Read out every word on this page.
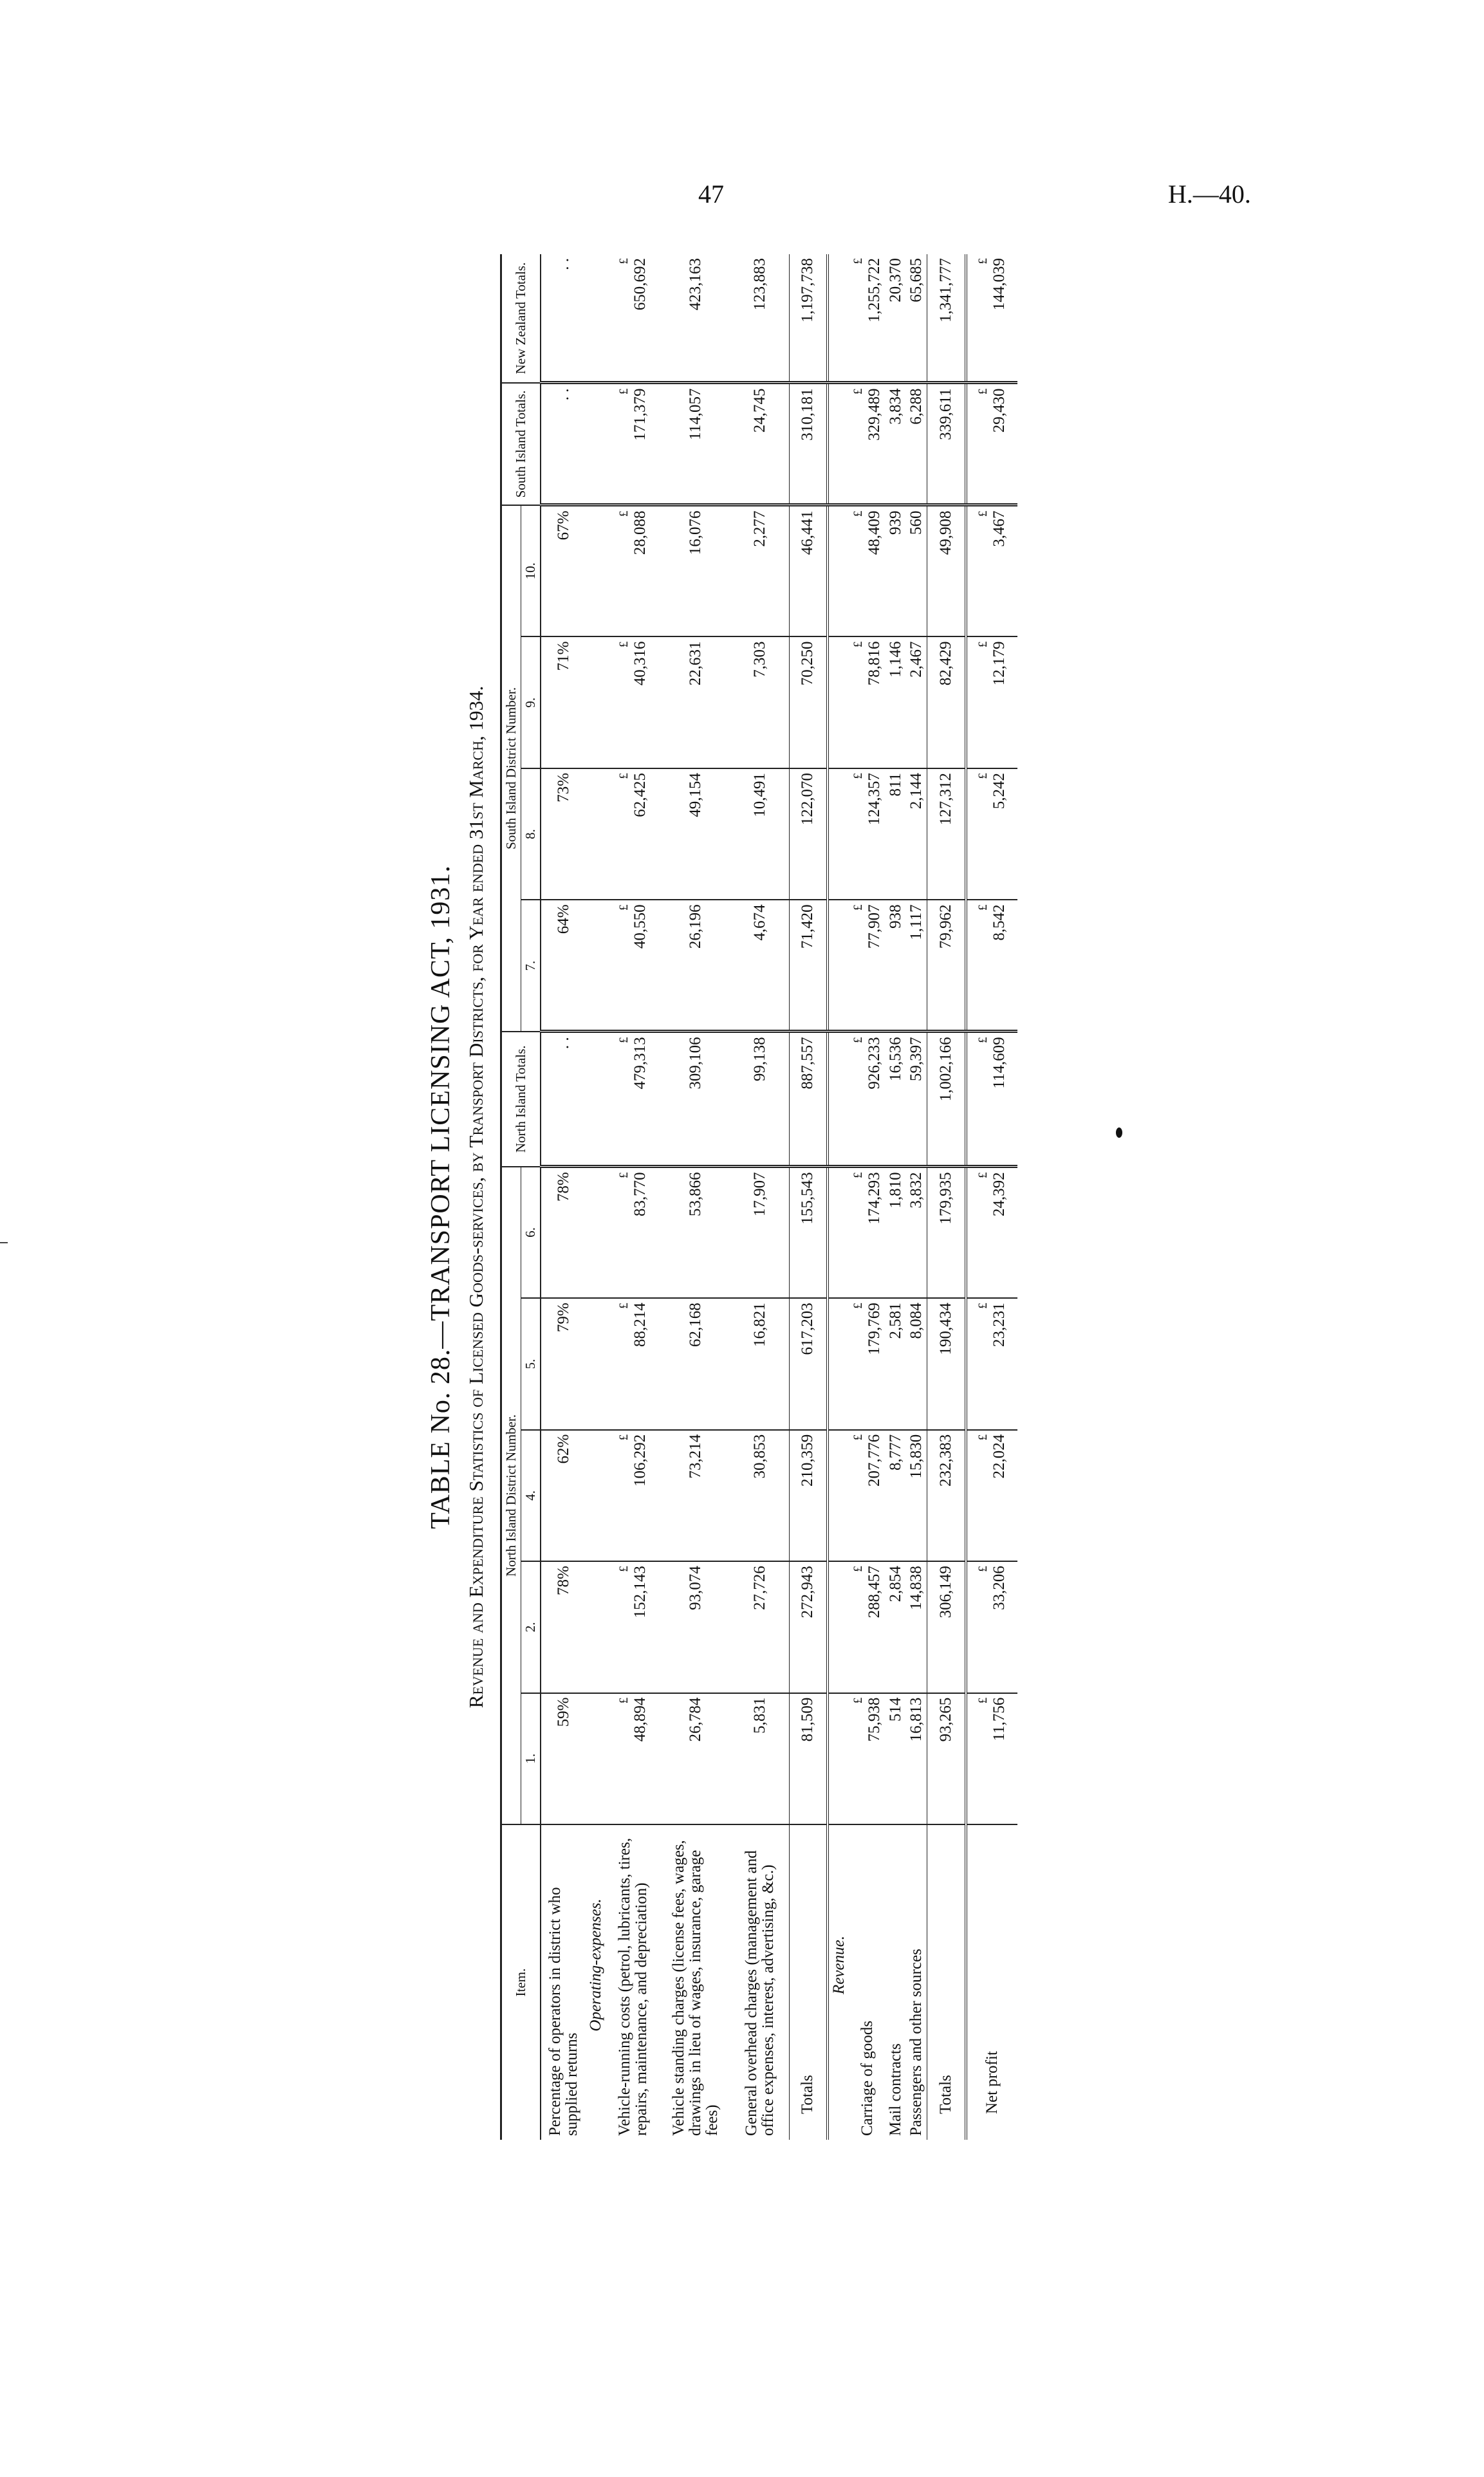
47	H.—40.
TABLE No. 28.—TRANSPORT LICENSING ACT, 1931. Revenue and Expenditure Statistics of Licensed Goods-services, by Transport Districts, for Year ended 31st March, 1934.
Item.	North Island District Number.					North Island Totals.	South Island District Number.				South Island Totals.	New Zealand Totals.
	1.	2.	4.	5.	6.		7.	8.	9.	10.		
Percentage of operators in district who supplied returns	59%	78%	62%	79%	78%	. .	64%	73%	71%	67%	. .	. .
Operating-expenses.												
Vehicle-running costs (petrol, lubricants, tires, repairs, maintenance, and depreciation)	£ 48,894	£ 152,143	£ 106,292	£ 88,214	£ 83,770	£ 479,313	£ 40,550	£ 62,425	£ 40,316	£ 28,088	£ 171,379	£ 650,692
Vehicle standing charges (license fees, wages, drawings in lieu of wages, insurance, garage fees)	26,784	93,074	73,214	62,168	53,866	309,106	26,196	49,154	22,631	16,076	114,057	423,163
General overhead charges (management and office expenses, interest, advertising, &c.)	5,831	27,726	30,853	16,821	17,907	99,138	4,674	10,491	7,303	2,277	24,745	123,883
Totals	81,509	272,943	210,359	617,203	155,543	887,557	71,420	122,070	70,250	46,441	310,181	1,197,738
Revenue.												
Carriage of goods	£ 75,938	£ 288,457	£ 207,776	£ 179,769	£ 174,293	£ 926,233	£ 77,907	£ 124,357	£ 78,816	£ 48,409	£ 329,489	£ 1,255,722
Mail contracts	514	2,854	8,777	2,581	1,810	16,536	938	811	1,146	939	3,834	20,370
Passengers and other sources	16,813	14,838	15,830	8,084	3,832	59,397	1,117	2,144	2,467	560	6,288	65,685
Totals	93,265	306,149	232,383	190,434	179,935	1,002,166	79,962	127,312	82,429	49,908	339,611	1,341,777
Net profit	£ 11,756	£ 33,206	£ 22,024	£ 23,231	£ 24,392	£ 114,609	£ 8,542	£ 5,242	£ 12,179	£ 3,467	£ 29,430	£ 144,039
